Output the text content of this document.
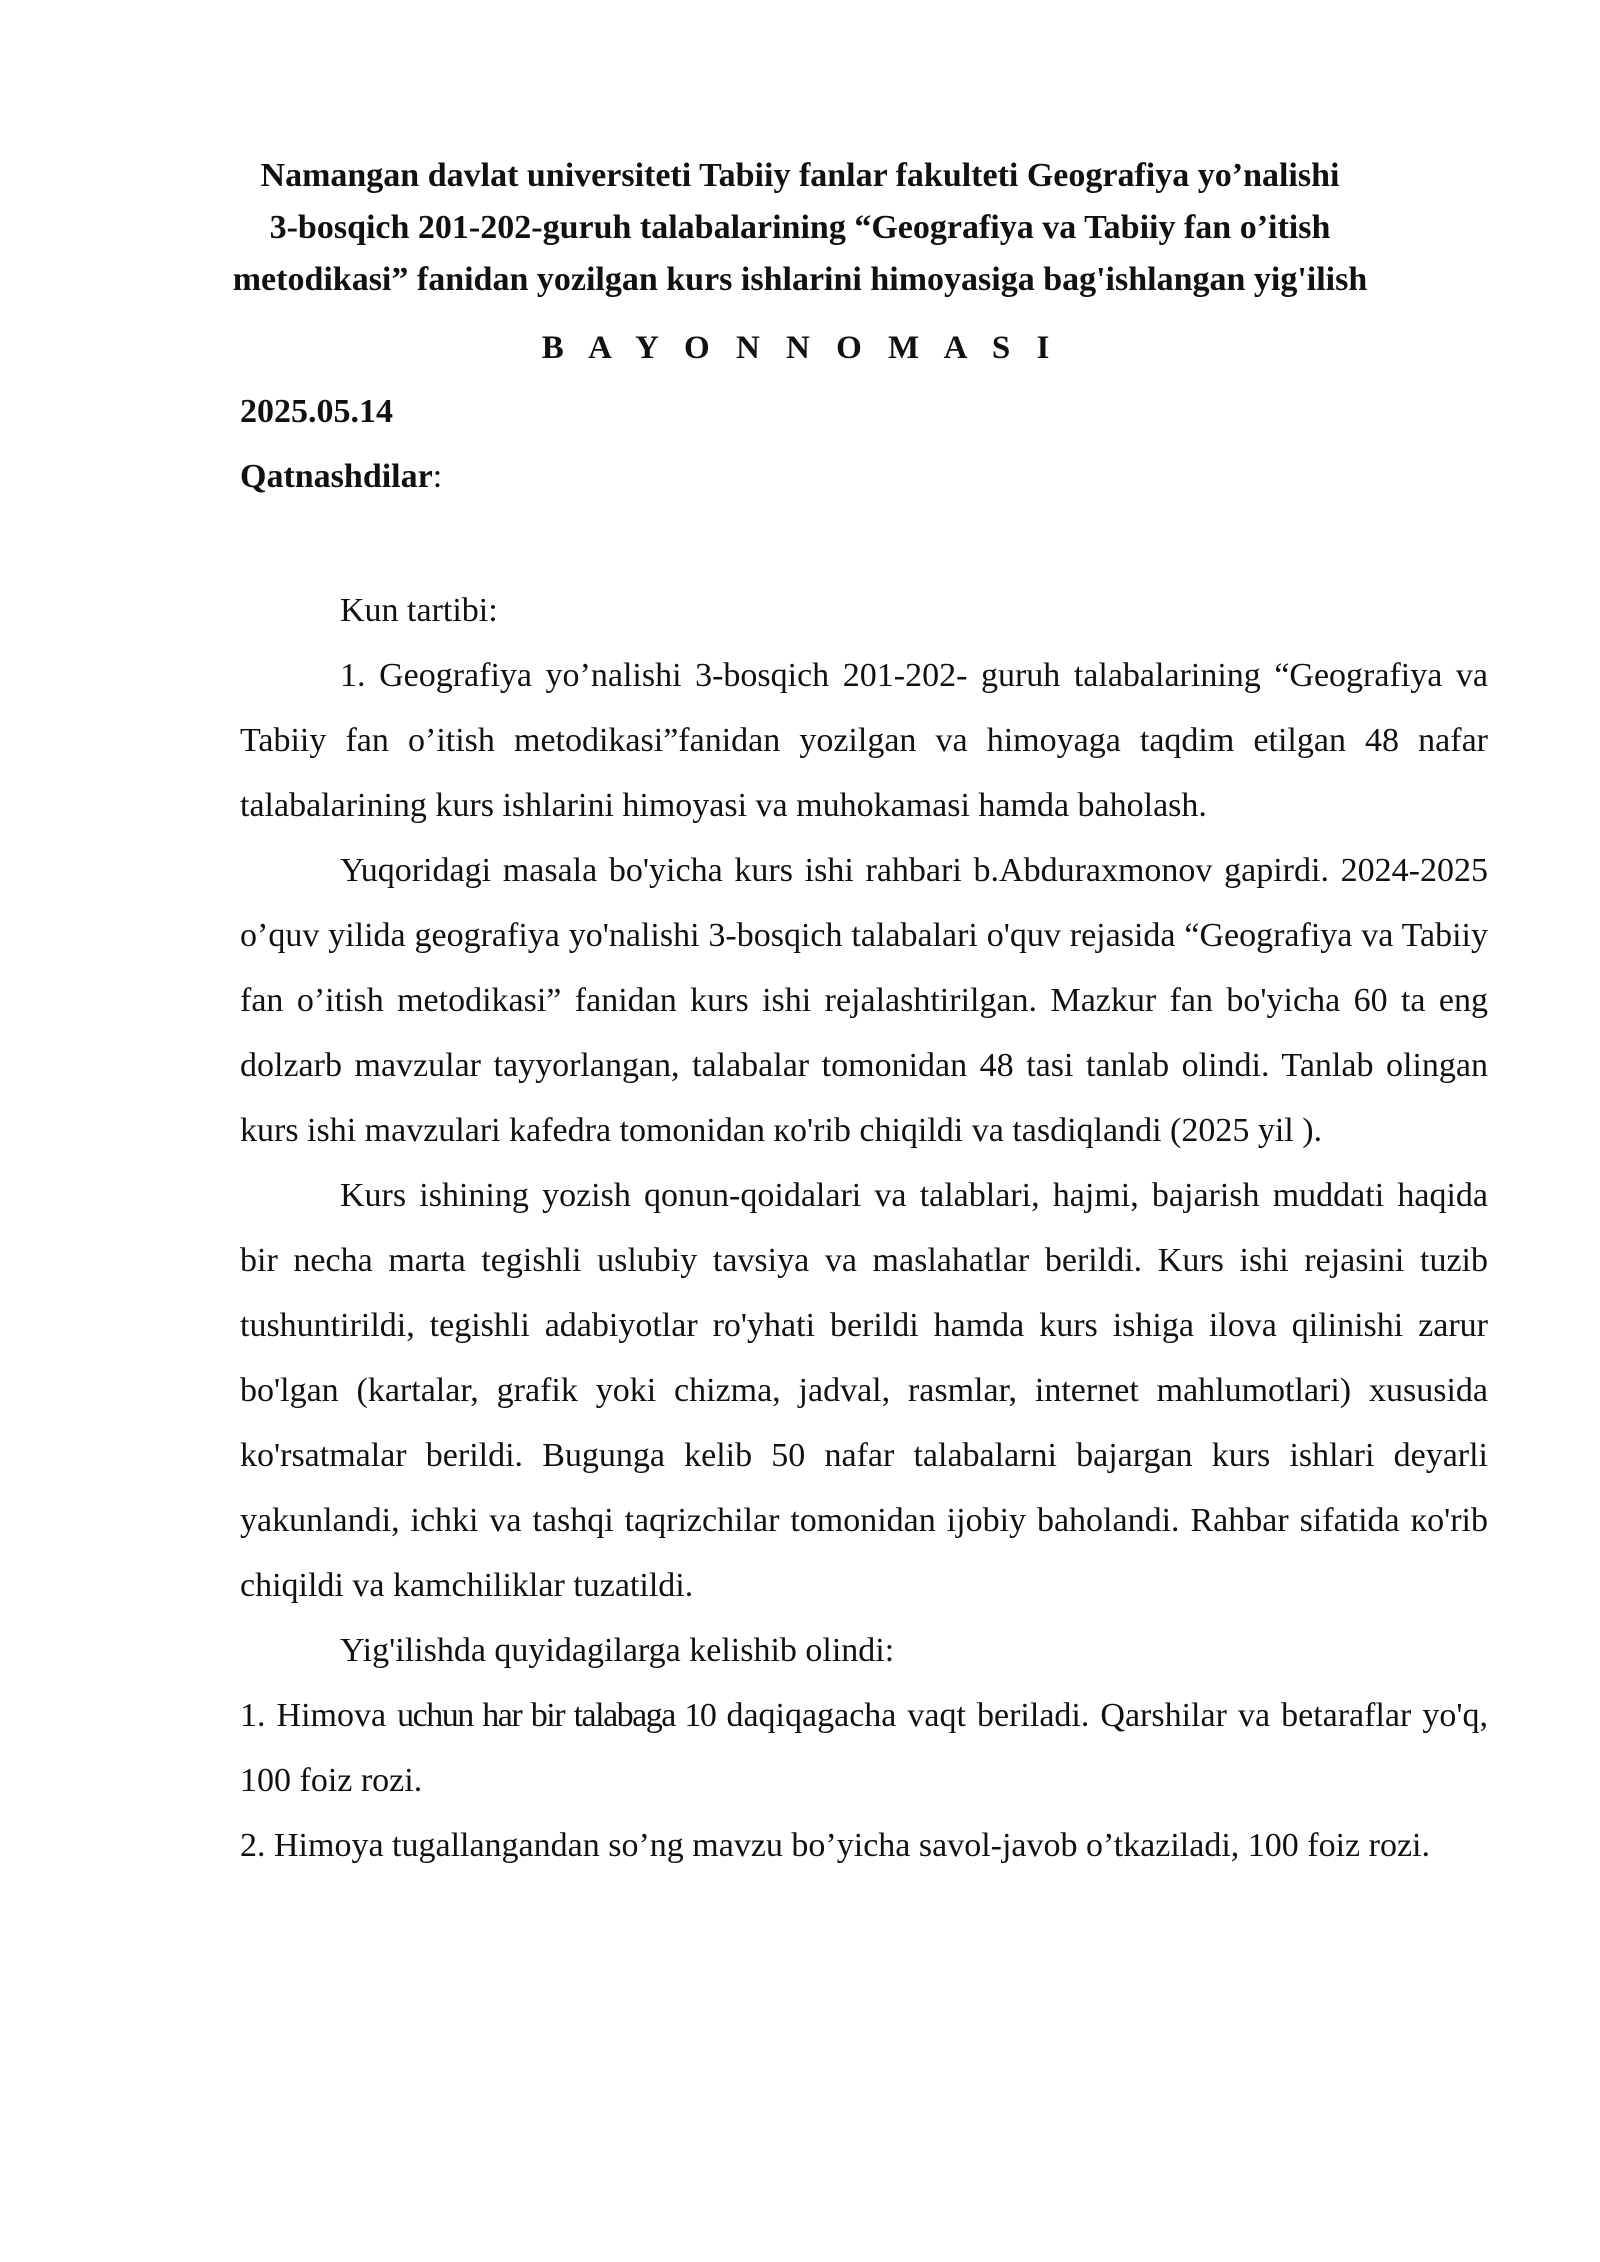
Namangan davlat universiteti Tabiiy fanlar fakulteti Geografiya yo’nalishi
3-bosqich 201-202-guruh talabalarining “Geografiya va Tabiiy fan o’itish
metodikasi” fanidan yozilgan kurs ishlarini himoyasiga bag'ishlangan yig'ilish
B A Y O N N O M A S I
2025.05.14
Qatnashdilar:

Kun tartibi:

1. Geografiya yo’nalishi 3-bosqich 201-202- guruh talabalarining “Geografiya va Tabiiy fan o’itish metodikasi”fanidan yozilgan va himoyaga taqdim etilgan 48 nafar talabalarining kurs ishlarini himoyasi va muhokamasi hamda baholash.

Yuqoridagi masala bo'yicha kurs ishi rahbari b.Abduraxmonov gapirdi. 2024-2025 o’quv yilida geografiya yo'nalishi 3-bosqich talabalari o'quv rejasida “Geografiya va Tabiiy fan o’itish metodikasi” fanidan kurs ishi rejalashtirilgan. Mazkur fan bo'yicha 60 ta eng dolzarb mavzular tayyorlangan, talabalar tomonidan 48 tasi tanlab olindi. Tanlab olingan kurs ishi mavzulari kafedra tomonidan кo'rib chiqildi va tasdiqlandi (2025 yil ).

Kurs ishining yozish qonun-qoidalari va talablari, hajmi, bajarish muddati haqida bir necha marta tegishli uslubiy tavsiya va maslahatlar berildi. Kurs ishi rejasini tuzib tushuntirildi, tegishli adabiyotlar ro'yhati berildi hamda kurs ishiga ilova qilinishi zarur bo'lgan (kartalar, grafik yoki chizma, jadval, rasmlar, internet mahlumotlari) xususida ko'rsatmalar berildi. Bugunga kelib 50 nafar talabalarni bajargan kurs ishlari deyarli yakunlandi, ichki va tashqi taqrizchilar tomonidan ijobiy baholandi. Rahbar sifatida кo'rib chiqildi va kamchiliklar tuzatildi.

Yig'ilishda quyidagilarga kelishib olindi:

1. Himova uchun har bir talabaga 10 daqiqagacha vaqt beriladi. Qarshilar va betaraflar yo'q, 100 foiz rozi.

2. Himoya tugallangandan so’ng mavzu bo’yicha savol-javob o’tkaziladi, 100 foiz rozi.
